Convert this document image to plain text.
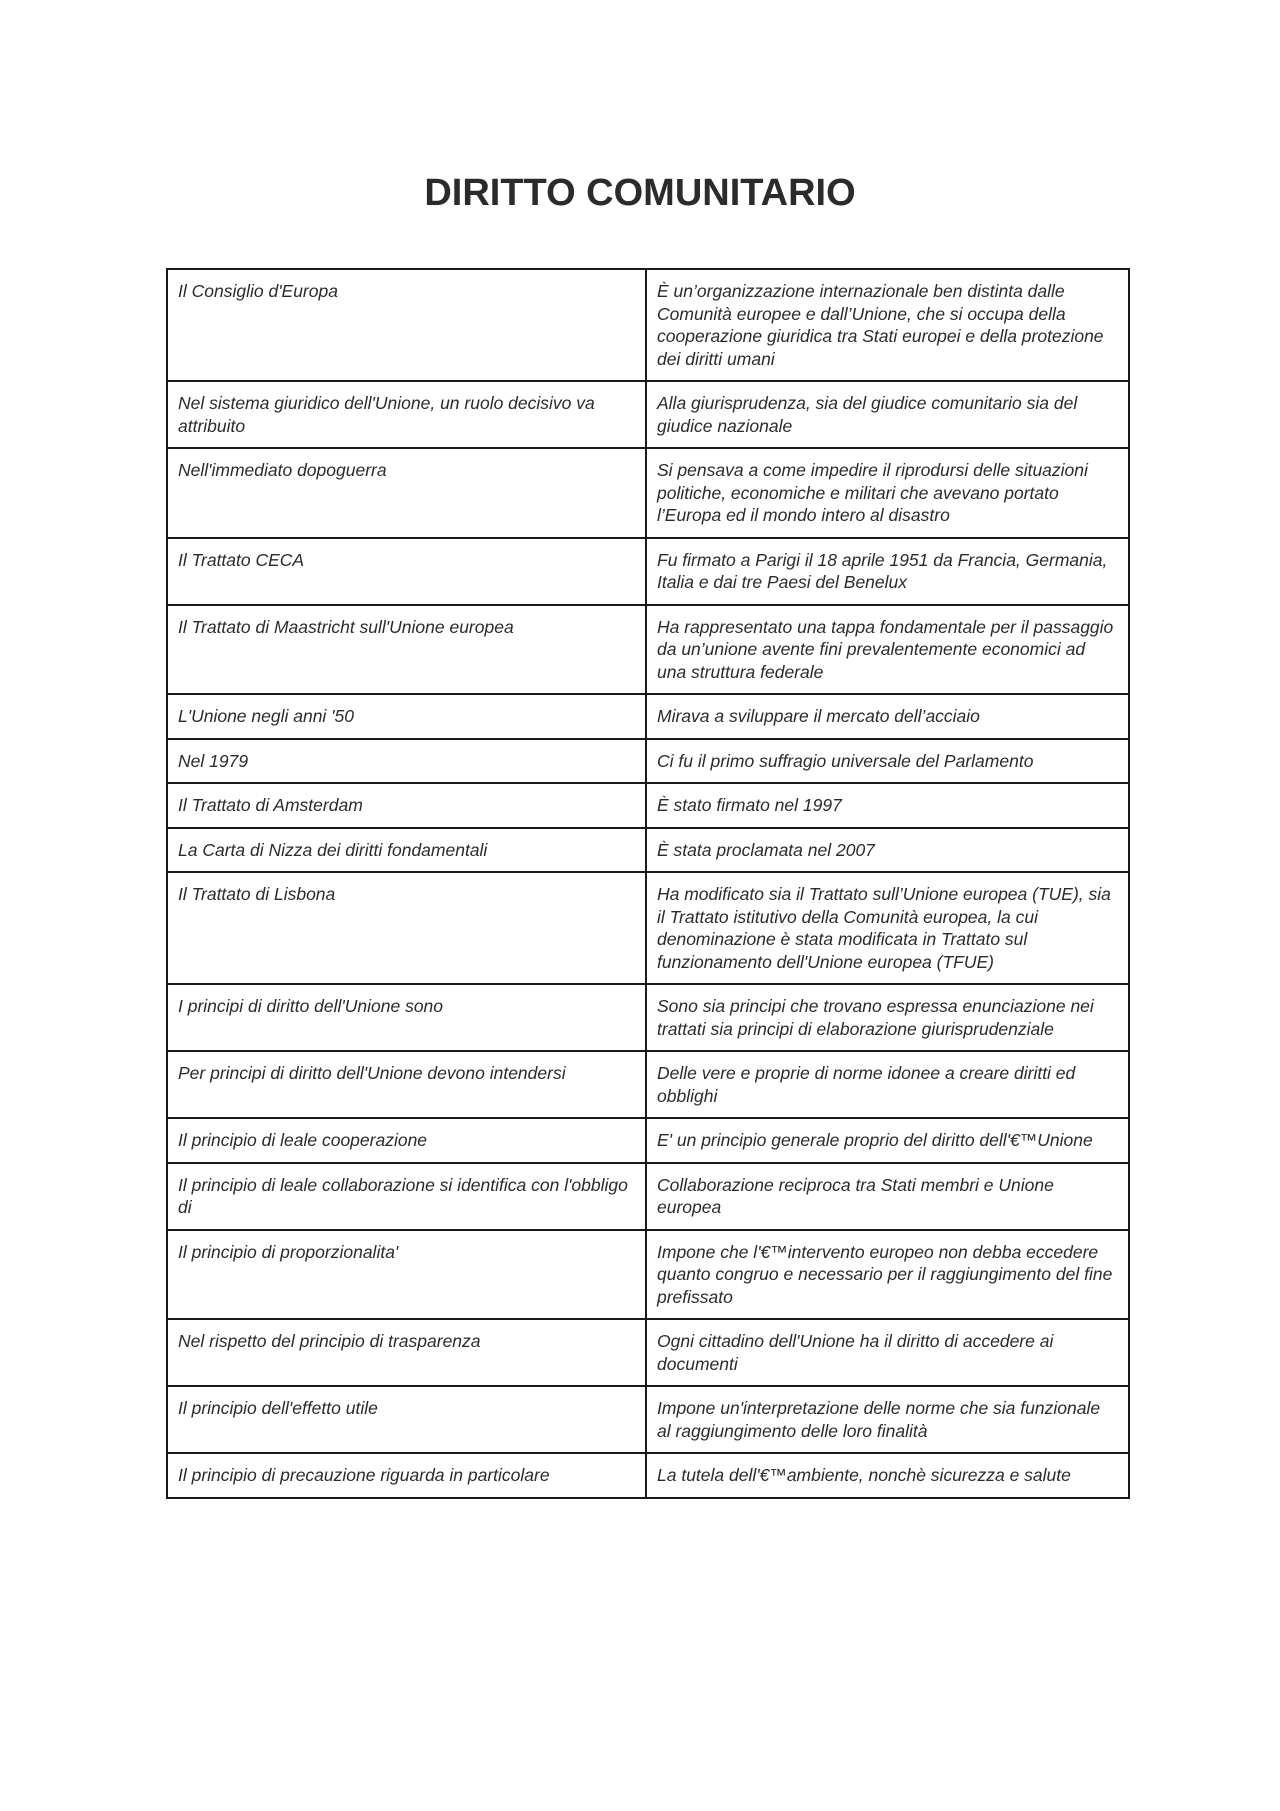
DIRITTO COMUNITARIO
Il Consiglio d'Europa	È un’organizzazione internazionale ben distinta dalle Comunità europee e dall’Unione, che si occupa della cooperazione giuridica tra Stati europei e della protezione dei diritti umani
Nel sistema giuridico dell'Unione, un ruolo decisivo va attribuito	Alla giurisprudenza, sia del giudice comunitario sia del giudice nazionale
Nell'immediato dopoguerra	Si pensava a come impedire il riprodursi delle situazioni politiche, economiche e militari che avevano portato l’Europa ed il mondo intero al disastro
Il Trattato CECA	Fu firmato a Parigi il 18 aprile 1951 da Francia, Germania, Italia e dai tre Paesi del Benelux
Il Trattato di Maastricht sull'Unione europea	Ha rappresentato una tappa fondamentale per il passaggio da un’unione avente fini prevalentemente economici ad una struttura federale
L'Unione negli anni '50	Mirava a sviluppare il mercato dell’acciaio
Nel 1979	Ci fu il primo suffragio universale del Parlamento
Il Trattato di Amsterdam	È stato firmato nel 1997
La Carta di Nizza dei diritti fondamentali	È stata proclamata nel 2007
Il Trattato di Lisbona	Ha modificato sia il Trattato sull’Unione europea (TUE), sia il Trattato istitutivo della Comunità europea, la cui denominazione è stata modificata in Trattato sul funzionamento dell'Unione europea (TFUE)
I principi di diritto dell'Unione sono	Sono sia principi che trovano espressa enunciazione nei trattati sia principi di elaborazione giurisprudenziale
Per principi di diritto dell'Unione devono intendersi	Delle vere e proprie di norme idonee a creare diritti ed obblighi
Il principio di leale cooperazione	E' un principio generale proprio del diritto dell'€™Unione
Il principio di leale collaborazione si identifica con l'obbligo di	Collaborazione reciproca tra Stati membri e Unione europea
Il principio di proporzionalita'	Impone che l'€™intervento europeo non debba eccedere quanto congruo e necessario per il raggiungimento del fine prefissato
Nel rispetto del principio di trasparenza	Ogni cittadino dell'Unione ha il diritto di accedere ai documenti
Il principio dell'effetto utile	Impone un'interpretazione delle norme che sia funzionale al raggiungimento delle loro finalità
Il principio di precauzione riguarda in particolare	La tutela dell'€™ambiente, nonchè sicurezza e salute
